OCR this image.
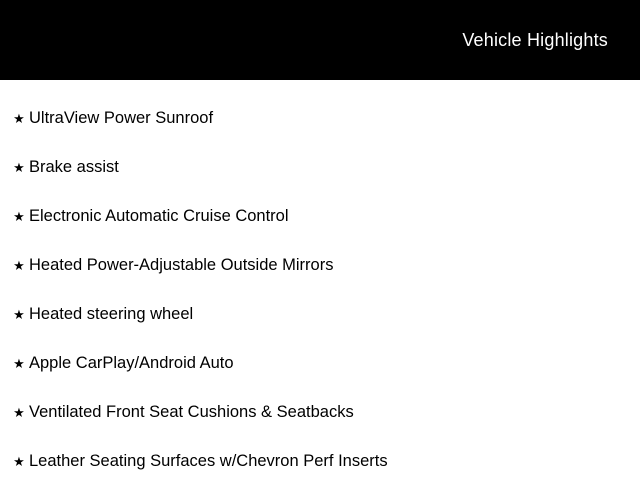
Vehicle Highlights
★ UltraView Power Sunroof
★ Brake assist
★ Electronic Automatic Cruise Control
★ Heated Power-Adjustable Outside Mirrors
★ Heated steering wheel
★ Apple CarPlay/Android Auto
★ Ventilated Front Seat Cushions & Seatbacks
★ Leather Seating Surfaces w/Chevron Perf Inserts
